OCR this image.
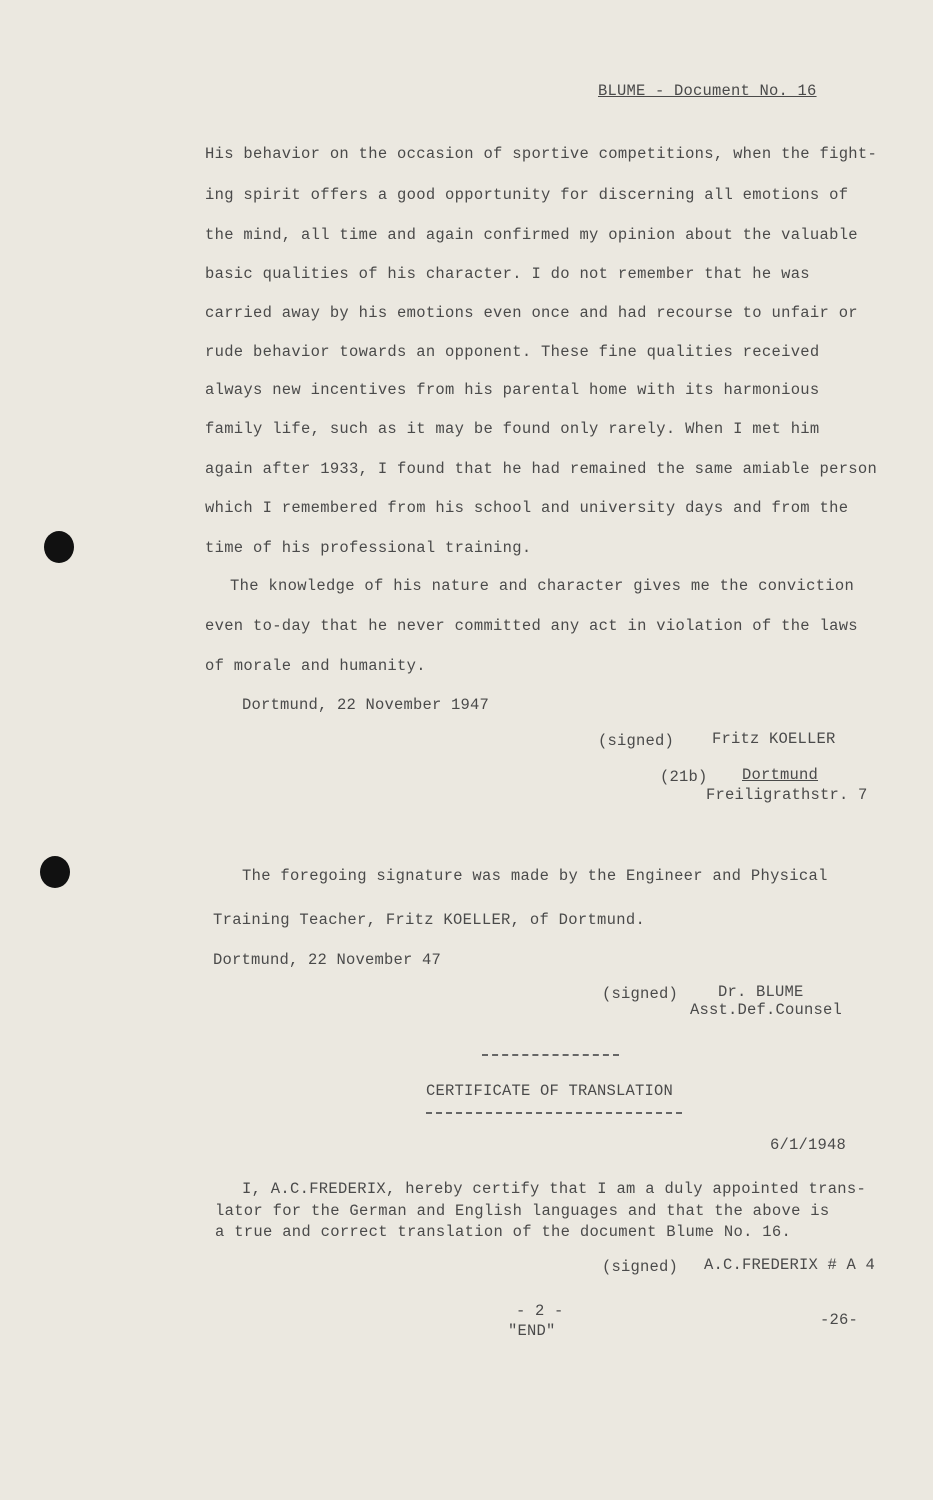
BLUME - Document No. 16
His behavior on the occasion of sportive competitions, when the fight-
ing spirit offers a good opportunity for discerning all emotions of
the mind, all time and again confirmed my opinion about the valuable
basic qualities of his character. I do not remember that he was
carried away by his emotions even once and had recourse to unfair or
rude behavior towards an opponent. These fine qualities received
always new incentives from his parental home with its harmonious
family life, such as it may be found only rarely. When I met him
again after 1933, I found that he had remained the same amiable person
which I remembered from his school and university days and from the
time of his professional training.
The knowledge of his nature and character gives me the conviction
even to-day that he never committed any act in violation of the laws
of morale and humanity.
Dortmund, 22 November 1947
(signed) Fritz KOELLER
(21b) Dortmund
Freiligrathstr. 7
The foregoing signature was made by the Engineer and Physical
Training Teacher, Fritz KOELLER, of Dortmund.
Dortmund, 22 November 47
(signed)	Dr. BLUME
Asst.Def.Counsel
CERTIFICATE OF TRANSLATION
6/1/1948
I, A.C.FREDERIX, hereby certify that I am a duly appointed trans-
lator for the German and English languages and that the above is
a true and correct translation of the document Blume No. 16.
(signed) A.C.FREDERIX # A 4
- 2 -
"END"
-26-
